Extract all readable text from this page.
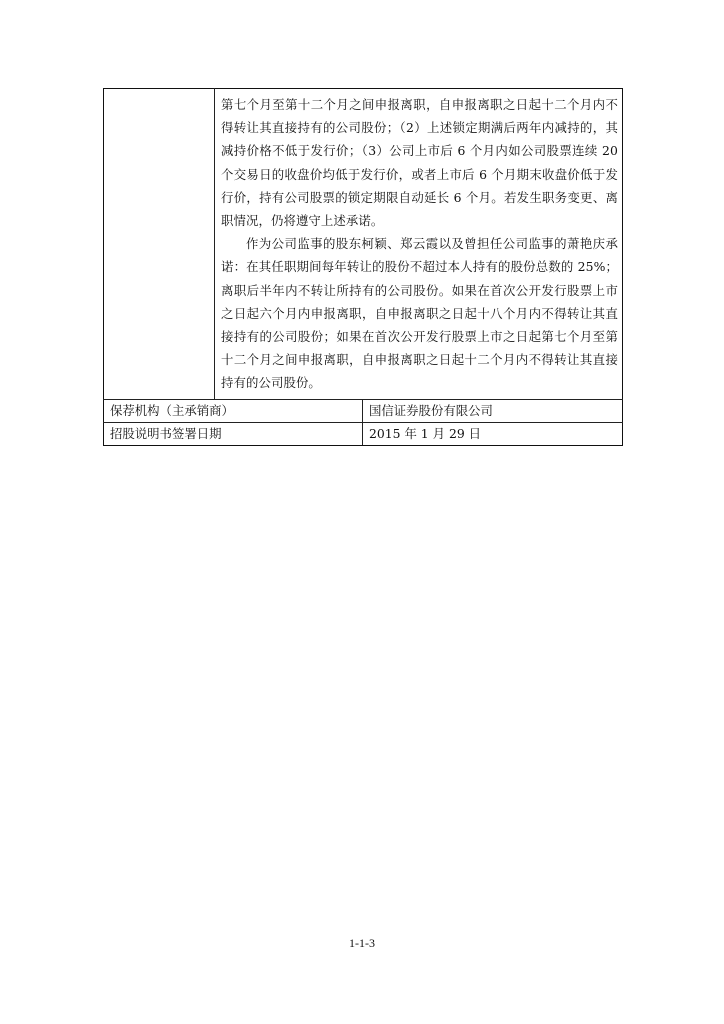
	第七个月至第十二个月之间申报离职，自申报离职之日起十二个月内不得转让其直接持有的公司股份；（2）上述锁定期满后两年内减持的，其减持价格不低于发行价；（3）公司上市后 6 个月内如公司股票连续 20 个交易日的收盘价均低于发行价，或者上市后 6 个月期末收盘价低于发行价，持有公司股票的锁定期限自动延长 6 个月。若发生职务变更、离职情况，仍将遵守上述承诺。

作为公司监事的股东柯颖、郑云霞以及曾担任公司监事的萧艳庆承诺：在其任职期间每年转让的股份不超过本人持有的股份总数的 25%；离职后半年内不转让所持有的公司股份。如果在首次公开发行股票上市之日起六个月内申报离职，自申报离职之日起十八个月内不得转让其直接持有的公司股份；如果在首次公开发行股票上市之日起第七个月至第十二个月之间申报离职，自申报离职之日起十二个月内不得转让其直接持有的公司股份。	

保荐机构（主承销商）		国信证券股份有限公司
招股说明书签署日期		2015 年 1 月 29 日
1-1-3
